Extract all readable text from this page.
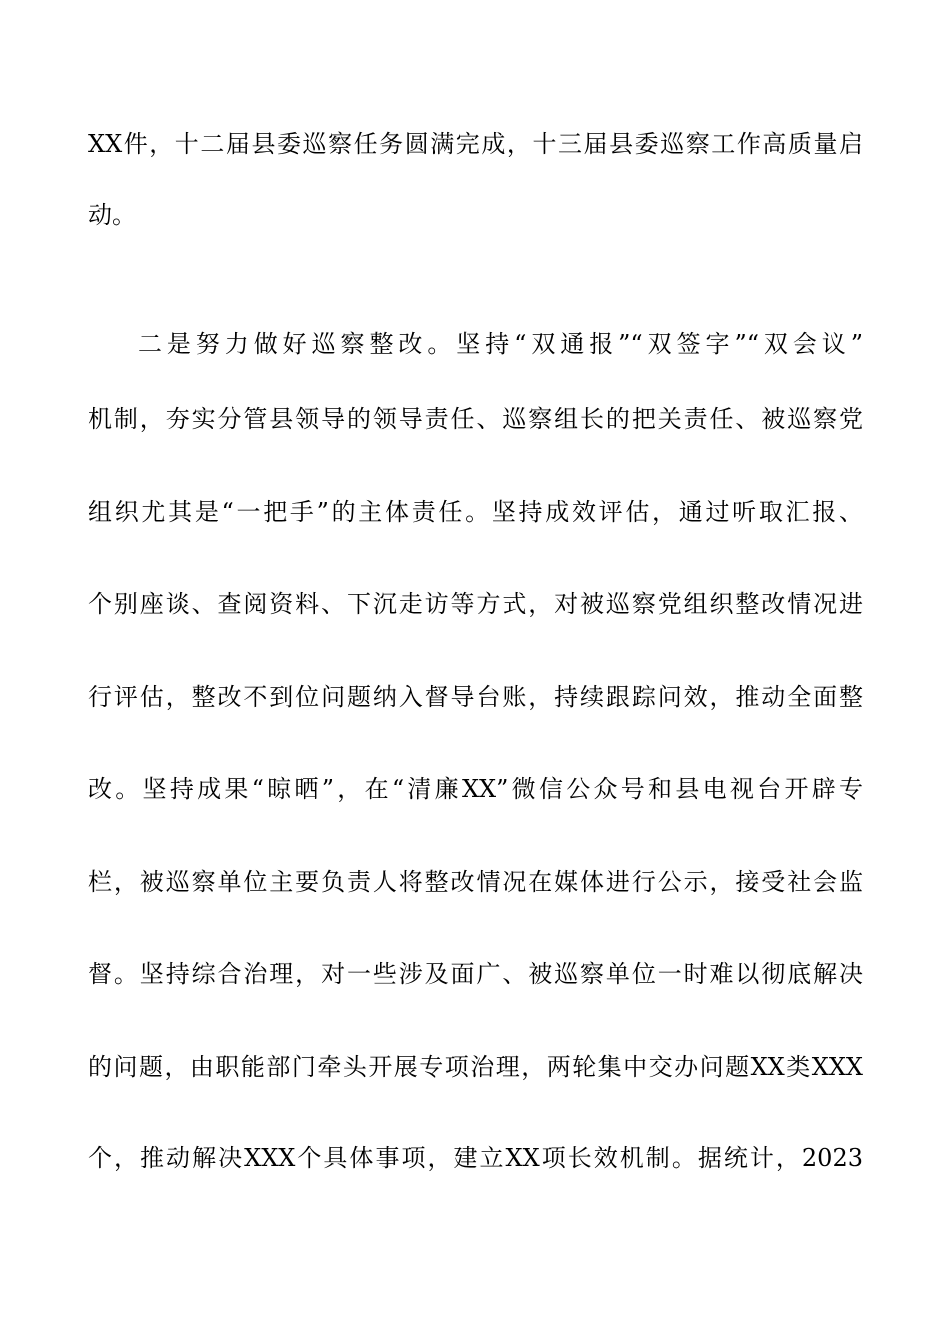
XX件，十二届县委巡察任务圆满完成，十三届县委巡察工作高质量启
动。
二是努力做好巡察整改。坚持“双通报”“双签字”“双会议”
机制，夯实分管县领导的领导责任、巡察组长的把关责任、被巡察党
组织尤其是“一把手”的主体责任。坚持成效评估，通过听取汇报、
个别座谈、查阅资料、下沉走访等方式，对被巡察党组织整改情况进
行评估，整改不到位问题纳入督导台账，持续跟踪问效，推动全面整
改。坚持成果“晾晒”，在“清廉XX”微信公众号和县电视台开辟专
栏，被巡察单位主要负责人将整改情况在媒体进行公示，接受社会监
督。坚持综合治理，对一些涉及面广、被巡察单位一时难以彻底解决
的问题，由职能部门牵头开展专项治理，两轮集中交办问题XX类XXX
个，推动解决XXX个具体事项，建立XX项长效机制。据统计，2023
